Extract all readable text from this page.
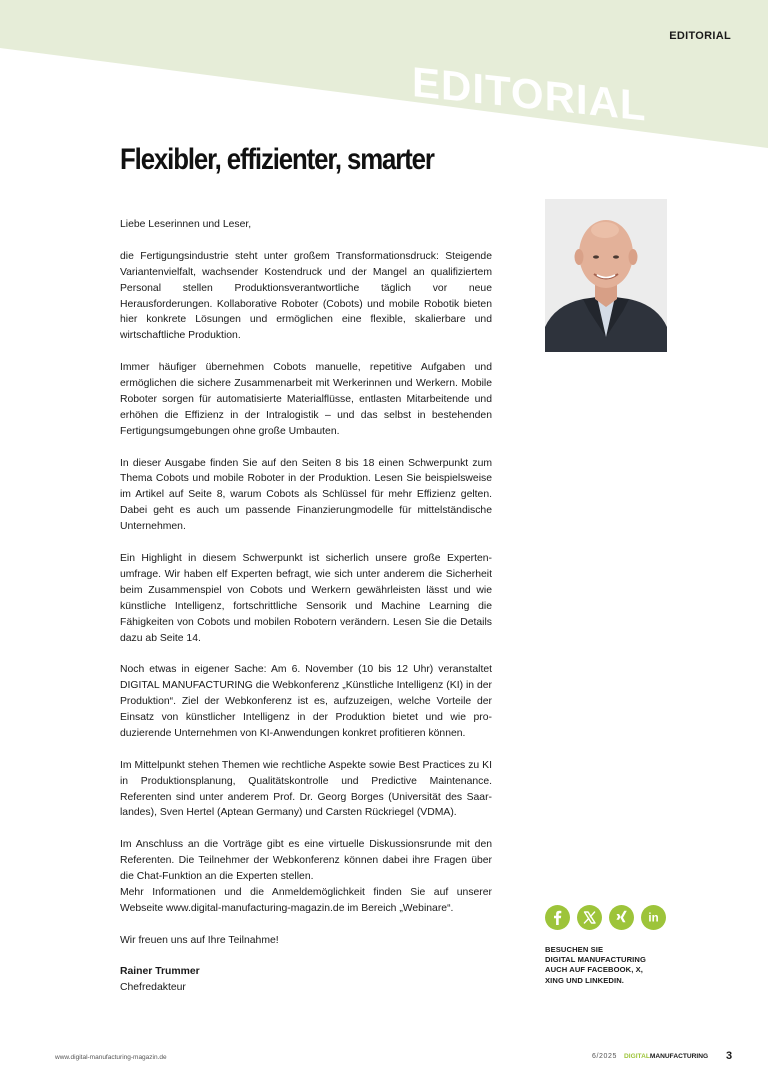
EDITORIAL
EDITORIAL
Flexibler, effizienter, smarter

Liebe Leserinnen und Leser,

die Fertigungsindustrie steht unter großem Transformationsdruck: Steigende Variantenvielfalt, wachsender Kostendruck und der Mangel an qualifiziertem Personal stellen Produktionsverantwortliche täglich vor neue Herausforderungen. Kollaborative Roboter (Cobots) und mobile Robotik bieten hier konkrete Lösungen und ermöglichen eine flexible, skalierbare und wirtschaftliche Produktion.

Immer häufiger übernehmen Cobots manuelle, repetitive Aufgaben und ermöglichen die sichere Zusammenarbeit mit Werkerinnen und Werkern. Mobile Roboter sorgen für automatisierte Materialflüsse, entlasten Mitarbeitende und erhöhen die Effizienz in der Intralogistik – und das selbst in bestehenden Fertigungsumgebungen ohne große Umbauten.

In dieser Ausgabe finden Sie auf den Seiten 8 bis 18 einen Schwerpunkt zum Thema Cobots und mobile Roboter in der Produktion. Lesen Sie beispielsweise im Artikel auf Seite 8, warum Cobots als Schlüssel für mehr Effizienz gelten. Dabei geht es auch um passende Finanzierungmodelle für mittelständische Unternehmen.

Ein Highlight in diesem Schwerpunkt ist sicherlich unsere große Expertenumfrage. Wir haben elf Experten befragt, wie sich unter anderem die Sicherheit beim Zusammenspiel von Cobots und Werkern gewährleisten lässt und wie künstliche Intelligenz, fortschrittliche Sensorik und Machine Learning die Fähigkeiten von Cobots und mobilen Robotern verändern. Lesen Sie die Details dazu ab Seite 14.

Noch etwas in eigener Sache: Am 6. November (10 bis 12 Uhr) veranstaltet DIGITAL MANUFACTURING die Webkonferenz „Künstliche Intelligenz (KI) in der Produktion“. Ziel der Webkonferenz ist es, aufzuzeigen, welche Vorteile der Einsatz von künstlicher Intelligenz in der Produktion bietet und wie produzierende Unternehmen von KI-Anwendungen konkret profitieren können.

Im Mittelpunkt stehen Themen wie rechtliche Aspekte sowie Best Practices zu KI in Produktionsplanung, Qualitätskontrolle und Predictive Maintenance. Referenten sind unter anderem Prof. Dr. Georg Borges (Universität des Saarlandes), Sven Hertel (Aptean Germany) und Carsten Rückriegel (VDMA).

Im Anschluss an die Vorträge gibt es eine virtuelle Diskussionsrunde mit den Referenten. Die Teilnehmer der Webkonferenz können dabei ihre Fragen über die Chat-Funktion an die Experten stellen.

Mehr Informationen und die Anmeldemöglichkeit finden Sie auf unserer Webseite www.digital-manufacturing-magazin.de im Bereich „Webinare“.

Wir freuen uns auf Ihre Teilnahme!

Rainer Trummer

Chefredakteur

in
BESUCHEN SIE
DIGITAL MANUFACTURING
AUCH AUF FACEBOOK, X,
XING UND LINKEDIN.
www.digital-manufacturing-magazin.de	6/2025 DIGITALMANUFACTURING 3
